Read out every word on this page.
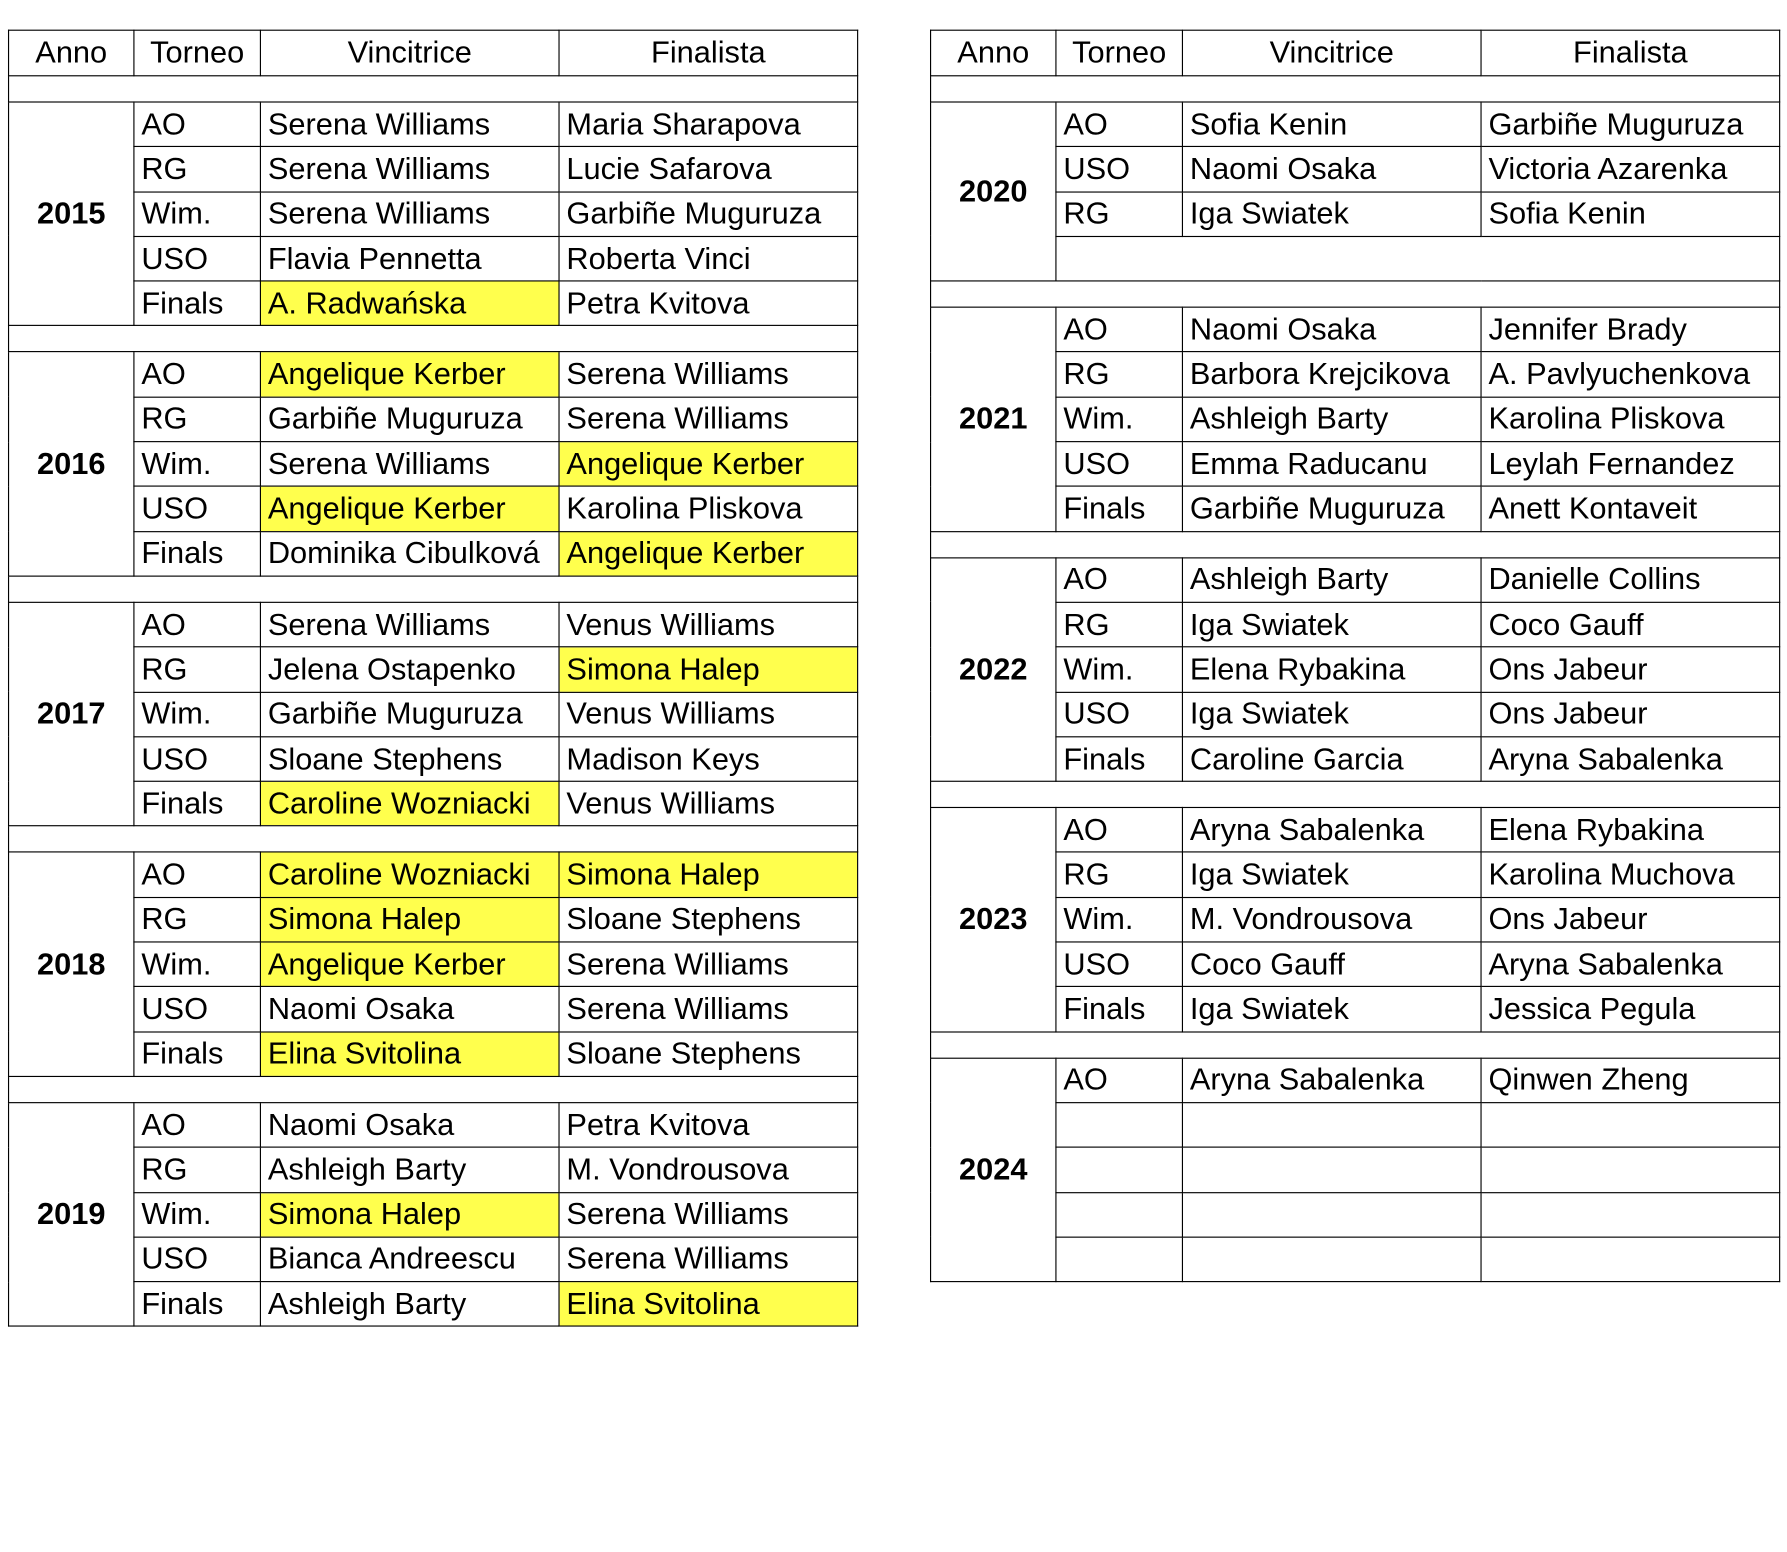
Anno	Torneo	Vincitrice	Finalista

2015	AO	Serena Williams	Maria Sharapova
	RG	Serena Williams	Lucie Safarova
	Wim.	Serena Williams	Garbiñe Muguruza
	USO	Flavia Pennetta	Roberta Vinci
	Finals	A. Radwańska	Petra Kvitova

2016	AO	Angelique Kerber	Serena Williams
	RG	Garbiñe Muguruza	Serena Williams
	Wim.	Serena Williams	Angelique Kerber
	USO	Angelique Kerber	Karolina Pliskova
	Finals	Dominika Cibulková	Angelique Kerber

2017	AO	Serena Williams	Venus Williams
	RG	Jelena Ostapenko	Simona Halep
	Wim.	Garbiñe Muguruza	Venus Williams
	USO	Sloane Stephens	Madison Keys
	Finals	Caroline Wozniacki	Venus Williams

2018	AO	Caroline Wozniacki	Simona Halep
	RG	Simona Halep	Sloane Stephens
	Wim.	Angelique Kerber	Serena Williams
	USO	Naomi Osaka	Serena Williams
	Finals	Elina Svitolina	Sloane Stephens

2019	AO	Naomi Osaka	Petra Kvitova
	RG	Ashleigh Barty	M. Vondrousova
	Wim.	Simona Halep	Serena Williams
	USO	Bianca Andreescu	Serena Williams
	Finals	Ashleigh Barty	Elina Svitolina
Anno	Torneo	Vincitrice	Finalista

2020	AO	Sofia Kenin	Garbiñe Muguruza
	USO	Naomi Osaka	Victoria Azarenka
	RG	Iga Swiatek	Sofia Kenin

2021	AO	Naomi Osaka	Jennifer Brady
	RG	Barbora Krejcikova	A. Pavlyuchenkova
	Wim.	Ashleigh Barty	Karolina Pliskova
	USO	Emma Raducanu	Leylah Fernandez
	Finals	Garbiñe Muguruza	Anett Kontaveit

2022	AO	Ashleigh Barty	Danielle Collins
	RG	Iga Swiatek	Coco Gauff
	Wim.	Elena Rybakina	Ons Jabeur
	USO	Iga Swiatek	Ons Jabeur
	Finals	Caroline Garcia	Aryna Sabalenka

2023	AO	Aryna Sabalenka	Elena Rybakina
	RG	Iga Swiatek	Karolina Muchova
	Wim.	M. Vondrousova	Ons Jabeur
	USO	Coco Gauff	Aryna Sabalenka
	Finals	Iga Swiatek	Jessica Pegula

2024	AO	Aryna Sabalenka	Qinwen Zheng
